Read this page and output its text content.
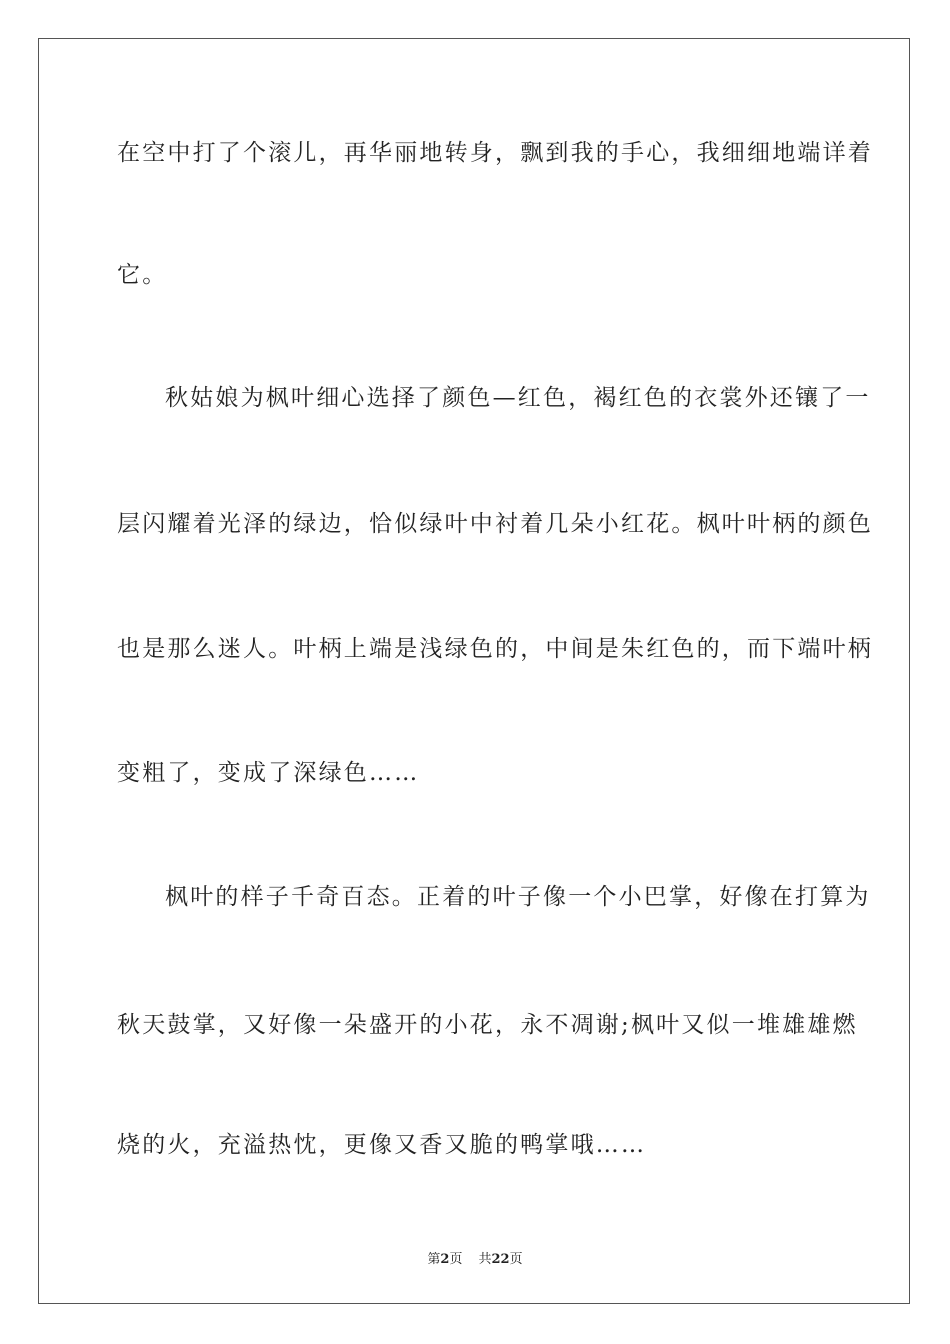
在空中打了个滚儿，再华丽地转身，飘到我的手心，我细细地端详着
它。
秋姑娘为枫叶细心选择了颜色—红色，褐红色的衣裳外还镶了一
层闪耀着光泽的绿边，恰似绿叶中衬着几朵小红花。枫叶叶柄的颜色
也是那么迷人。叶柄上端是浅绿色的，中间是朱红色的，而下端叶柄
变粗了，变成了深绿色……
枫叶的样子千奇百态。正着的叶子像一个小巴掌，好像在打算为
秋天鼓掌，又好像一朵盛开的小花，永不凋谢;枫叶又似一堆雄雄燃
烧的火，充溢热忱，更像又香又脆的鸭掌哦……
第2页 共22页
